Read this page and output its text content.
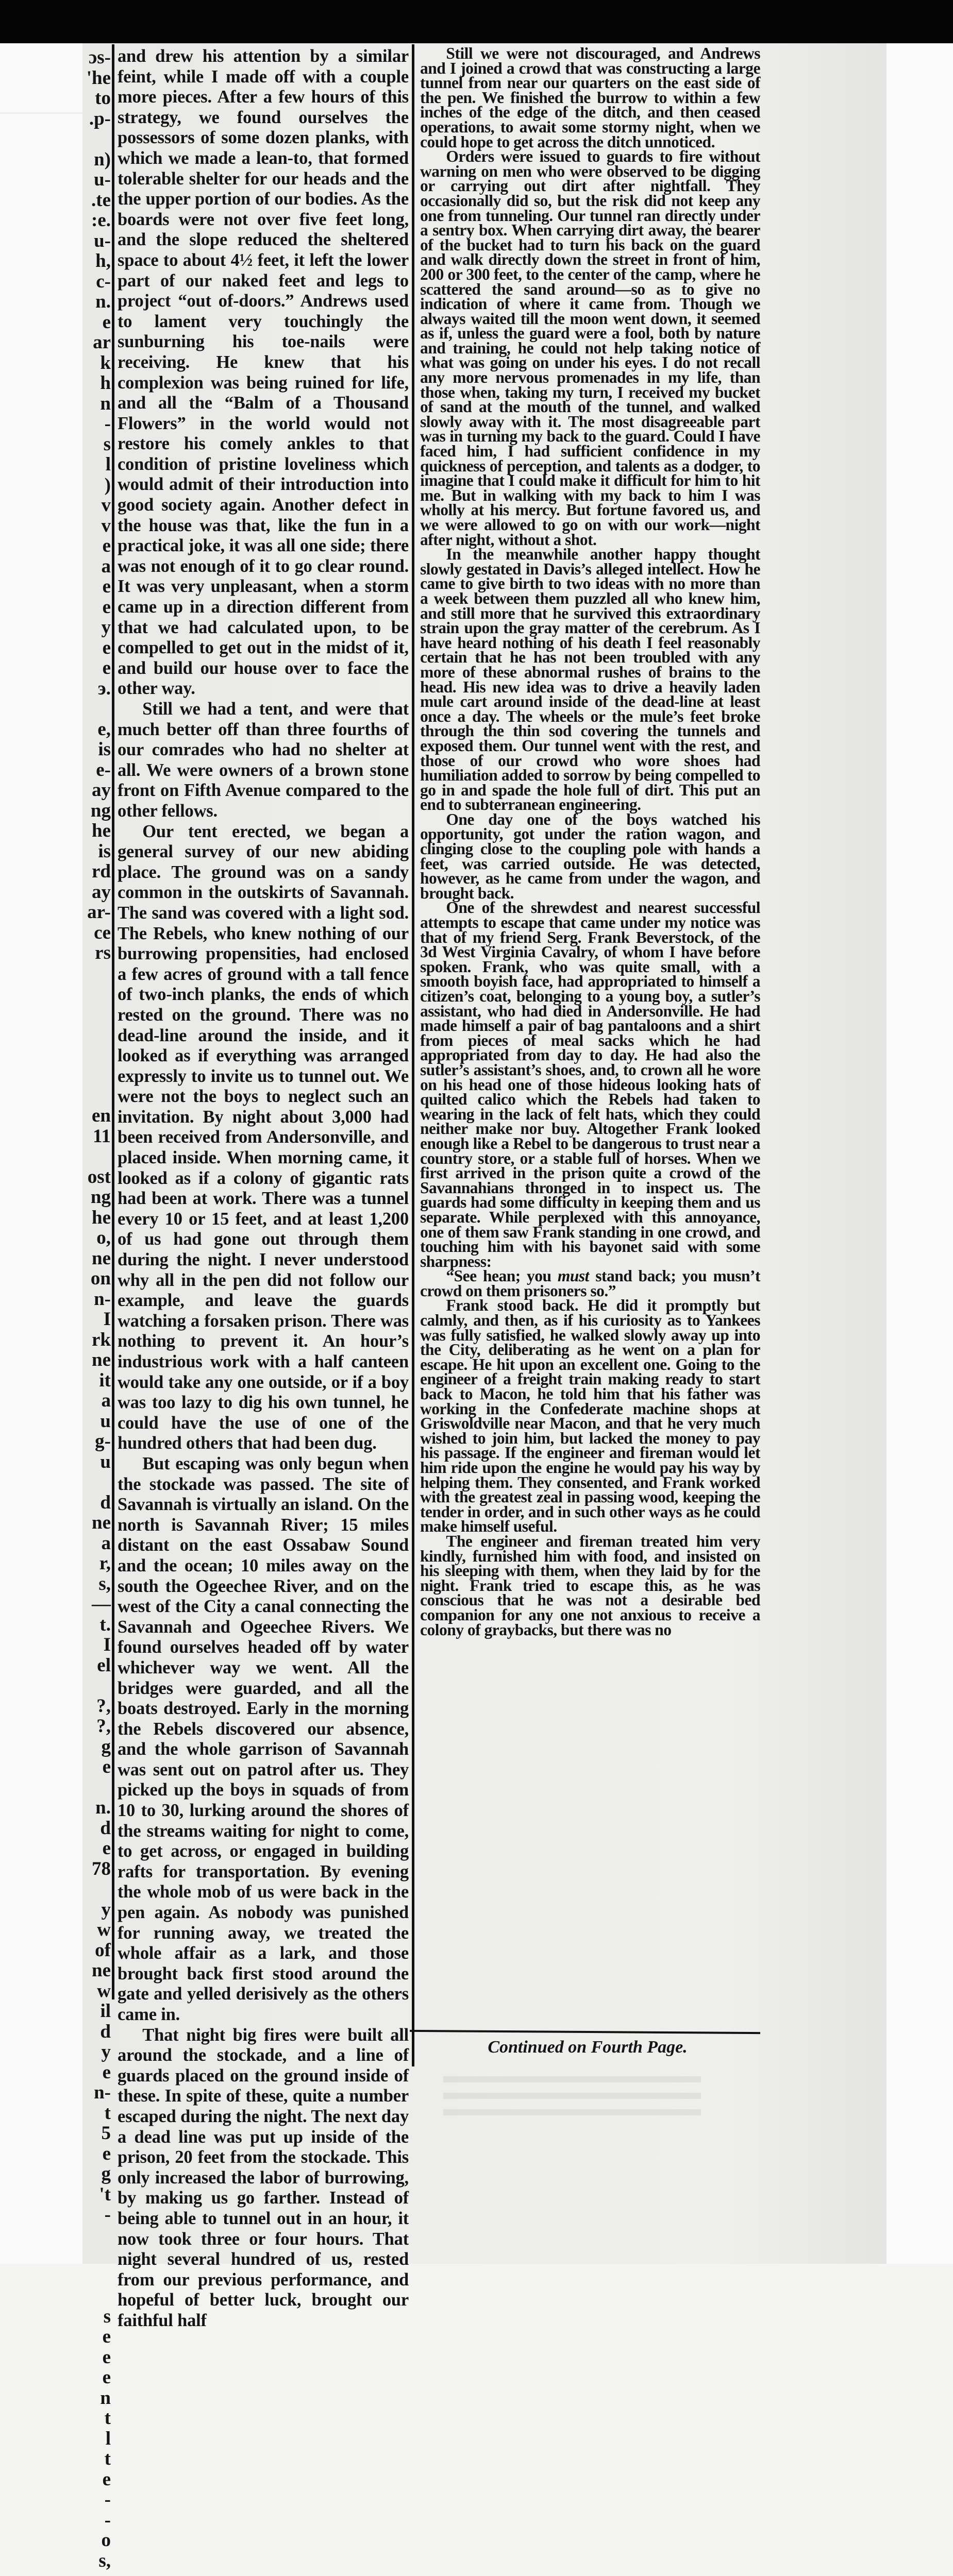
ɔs-
'he
to
.p-
n)
u-
.te
:e.
u-
h,
c-
n.
e
ar
k
h
n
-
s
l
)
v
v
e
a
e
e
y
e
e
э.
e,
is
e-
ay
ng
he
is
rd
ay
ar-
ce
rs
en
11
ost
ng
he
o,
ne
on
n-
I
rk
ne
it
a
u
g-
u
d
ne
a
r,
s,
—
t.
I
el
?,
?,
g
e
n.
d
e
78
y
w
of
ne
w
il
d
y
e
n-
t
5
e
g
't
-
s
e
e
e
n
t
l
t
e
-
-
o
s,

and drew his attention by a similar feint, while I made off with a couple more pieces. After a few hours of this strategy, we found ourselves the possessors of some dozen planks, with which we made a lean-to, that formed tolerable shelter for our heads and the the upper portion of our bodies. As the boards were not over five feet long, and the slope reduced the sheltered space to about 4½ feet, it left the lower part of our naked feet and legs to project “out of-doors.” Andrews used to lament very touchingly the sunburning his toe-nails were receiving. He knew that his complexion was being ruined for life, and all the “Balm of a Thousand Flowers” in the world would not restore his comely ankles to that condition of pristine loveliness which would admit of their introduction into good society again. Another defect in the house was that, like the fun in a practical joke, it was all one side; there was not enough of it to go clear round. It was very unpleasant, when a storm came up in a direction different from that we had calculated upon, to be compelled to get out in the midst of it, and build our house over to face the other way.

Still we had a tent, and were that much better off than three fourths of our comrades who had no shelter at all. We were owners of a brown stone front on Fifth Avenue compared to the other fellows.

Our tent erected, we began a general survey of our new abiding place. The ground was on a sandy common in the outskirts of Savannah. The sand was covered with a light sod. The Rebels, who knew nothing of our burrowing propensities, had enclosed a few acres of ground with a tall fence of two-inch planks, the ends of which rested on the ground. There was no dead-line around the inside, and it looked as if everything was arranged expressly to invite us to tunnel out. We were not the boys to neglect such an invitation. By night about 3,000 had been received from Andersonville, and placed inside. When morning came, it looked as if a colony of gigantic rats had been at work. There was a tunnel every 10 or 15 feet, and at least 1,200 of us had gone out through them during the night. I never understood why all in the pen did not follow our example, and leave the guards watching a forsaken prison. There was nothing to prevent it. An hour’s industrious work with a half canteen would take any one outside, or if a boy was too lazy to dig his own tunnel, he could have the use of one of the hundred others that had been dug.

But escaping was only begun when the stockade was passed. The site of Savannah is virtually an island. On the north is Savannah River; 15 miles distant on the east Ossabaw Sound and the ocean; 10 miles away on the south the Ogeechee River, and on the west of the City a canal connecting the Savannah and Ogeechee Rivers. We found ourselves headed off by water whichever way we went. All the bridges were guarded, and all the boats destroyed. Early in the morning the Rebels discovered our absence, and the whole garrison of Savannah was sent out on patrol after us. They picked up the boys in squads of from 10 to 30, lurking around the shores of the streams waiting for night to come, to get across, or engaged in building rafts for transportation. By evening the whole mob of us were back in the pen again. As nobody was punished for running away, we treated the whole affair as a lark, and those brought back first stood around the gate and yelled derisively as the others came in.

That night big fires were built all around the stockade, and a line of guards placed on the ground inside of these. In spite of these, quite a number escaped during the night. The next day a dead line was put up inside of the prison, 20 feet from the stockade. This only increased the labor of burrowing, by making us go farther. Instead of being able to tunnel out in an hour, it now took three or four hours. That night several hundred of us, rested from our previous performance, and hopeful of better luck, brought our faithful half

Still we were not discouraged, and Andrews and I joined a crowd that was constructing a large tunnel from near our quarters on the east side of the pen. We finished the burrow to within a few inches of the edge of the ditch, and then ceased operations, to await some stormy night, when we could hope to get across the ditch unnoticed.

Orders were issued to guards to fire without warning on men who were observed to be digging or carrying out dirt after nightfall. They occasionally did so, but the risk did not keep any one from tunneling. Our tunnel ran directly under a sentry box. When carrying dirt away, the bearer of the bucket had to turn his back on the guard and walk directly down the street in front of him, 200 or 300 feet, to the center of the camp, where he scattered the sand around—so as to give no indication of where it came from. Though we always waited till the moon went down, it seemed as if, unless the guard were a fool, both by nature and training, he could not help taking notice of what was going on under his eyes. I do not recall any more nervous promenades in my life, than those when, taking my turn, I received my bucket of sand at the mouth of the tunnel, and walked slowly away with it. The most disagreeable part was in turning my back to the guard. Could I have faced him, I had sufficient confidence in my quickness of perception, and talents as a dodger, to imagine that I could make it difficult for him to hit me. But in walking with my back to him I was wholly at his mercy. But fortune favored us, and we were allowed to go on with our work—night after night, without a shot.

In the meanwhile another happy thought slowly gestated in Davis’s alleged intellect. How he came to give birth to two ideas with no more than a week between them puzzled all who knew him, and still more that he survived this extraordinary strain upon the gray matter of the cerebrum. As I have heard nothing of his death I feel reasonably certain that he has not been troubled with any more of these abnormal rushes of brains to the head. His new idea was to drive a heavily laden mule cart around inside of the dead-line at least once a day. The wheels or the mule’s feet broke through the thin sod covering the tunnels and exposed them. Our tunnel went with the rest, and those of our crowd who wore shoes had humiliation added to sorrow by being compelled to go in and spade the hole full of dirt. This put an end to subterranean engineering.

One day one of the boys watched his opportunity, got under the ration wagon, and clinging close to the coupling pole with hands a feet, was carried outside. He was detected, however, as he came from under the wagon, and brought back.

One of the shrewdest and nearest successful attempts to escape that came under my notice was that of my friend Serg. Frank Beverstock, of the 3d West Virginia Cavalry, of whom I have before spoken. Frank, who was quite small, with a smooth boyish face, had appropriated to himself a citizen’s coat, belonging to a young boy, a sutler’s assistant, who had died in Andersonville. He had made himself a pair of bag pantaloons and a shirt from pieces of meal sacks which he had appropriated from day to day. He had also the sutler’s assistant’s shoes, and, to crown all he wore on his head one of those hideous looking hats of quilted calico which the Rebels had taken to wearing in the lack of felt hats, which they could neither make nor buy. Altogether Frank looked enough like a Rebel to be dangerous to trust near a country store, or a stable full of horses. When we first arrived in the prison quite a crowd of the Savannahians thronged in to inspect us. The guards had some difficulty in keeping them and us separate. While perplexed with this annoyance, one of them saw Frank standing in one crowd, and touching him with his bayonet said with some sharpness:

“See hean; you must stand back; you musn’t crowd on them prisoners so.”

Frank stood back. He did it promptly but calmly, and then, as if his curiosity as to Yankees was fully satisfied, he walked slowly away up into the City, deliberating as he went on a plan for escape. He hit upon an excellent one. Going to the engineer of a freight train making ready to start back to Macon, he told him that his father was working in the Confederate machine shops at Griswoldville near Macon, and that he very much wished to join him, but lacked the money to pay his passage. If the engineer and fireman would let him ride upon the engine he would pay his way by helping them. They consented, and Frank worked with the greatest zeal in passing wood, keeping the tender in order, and in such other ways as he could make himself useful.

The engineer and fireman treated him very kindly, furnished him with food, and insisted on his sleeping with them, when they laid by for the night. Frank tried to escape this, as he was conscious that he was not a desirable bed companion for any one not anxious to receive a colony of graybacks, but there was no

Continued on Fourth Page.
